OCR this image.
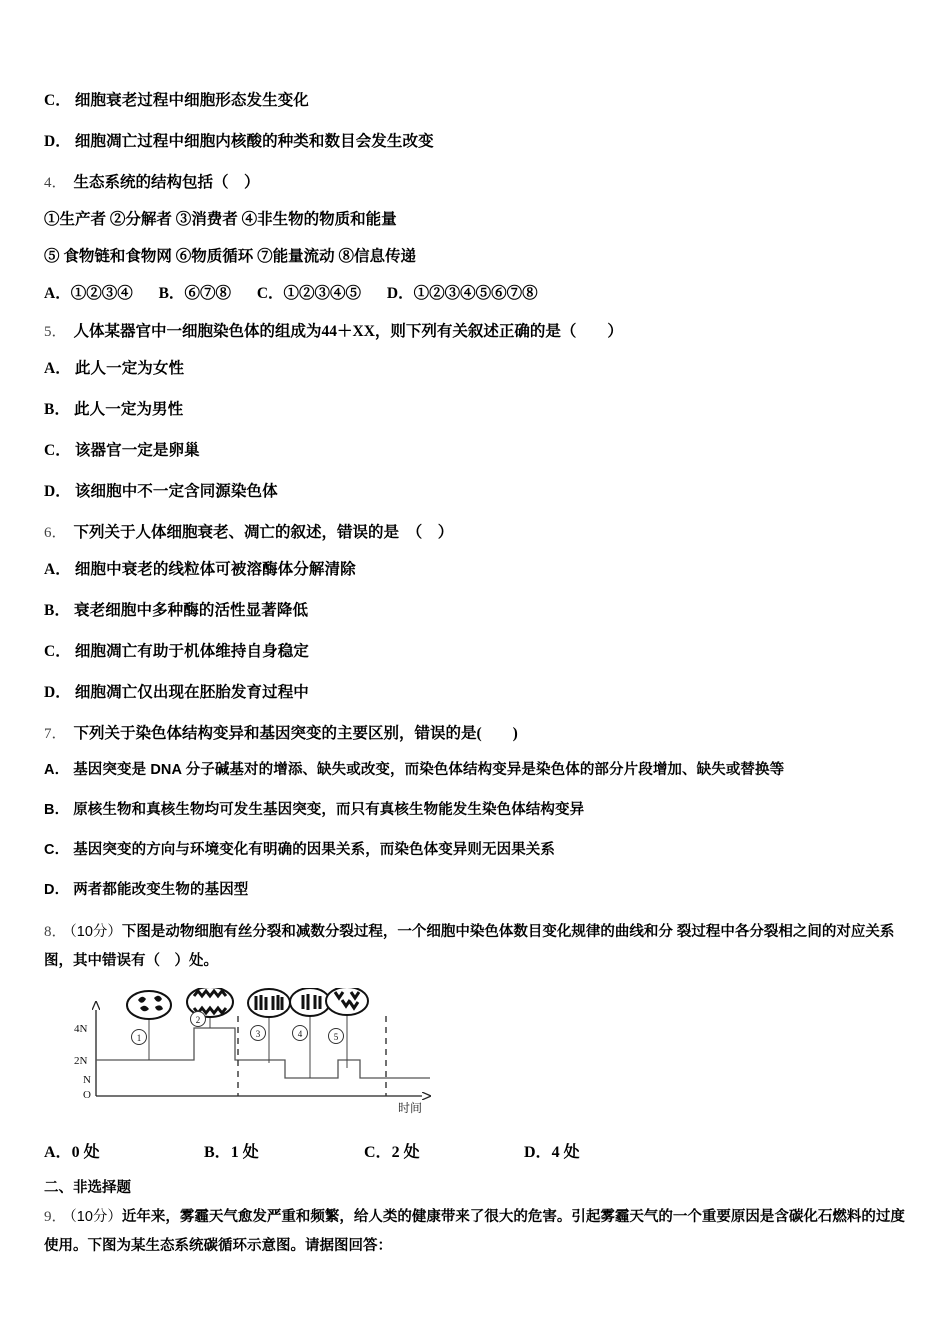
C． 细胞衰老过程中细胞形态发生变化
D． 细胞凋亡过程中细胞内核酸的种类和数目会发生改变
4． 生态系统的结构包括（　）
①生产者 ②分解者 ③消费者 ④非生物的物质和能量
⑤ 食物链和食物网 ⑥物质循环 ⑦能量流动 ⑧信息传递
A．①②③④ B．⑥⑦⑧ C．①②③④⑤ D．①②③④⑤⑥⑦⑧
5． 人体某器官中一细胞染色体的组成为44＋XX，则下列有关叙述正确的是（　　）
A． 此人一定为女性
B． 此人一定为男性
C． 该器官一定是卵巢
D． 该细胞中不一定含同源染色体
6． 下列关于人体细胞衰老、凋亡的叙述，错误的是　（　）
A． 细胞中衰老的线粒体可被溶酶体分解清除
B． 衰老细胞中多种酶的活性显著降低
C． 细胞凋亡有助于机体维持自身稳定
D． 细胞凋亡仅出现在胚胎发育过程中
7． 下列关于染色体结构变异和基因突变的主要区别，错误的是(　　)
A． 基因突变是 DNA 分子碱基对的增添、缺失或改变，而染色体结构变异是染色体的部分片段增加、缺失或替换等
B． 原核生物和真核生物均可发生基因突变，而只有真核生物能发生染色体结构变异
C． 基因突变的方向与环境变化有明确的因果关系，而染色体变异则无因果关系
D． 两者都能改变生物的基因型
8． （10分）下图是动物细胞有丝分裂和减数分裂过程，一个细胞中染色体数目变化规律的曲线和分 裂过程中各分裂相之间的对应关系图，其中错误有（　）处。
4N
2N
N
O
1
2
3	4	5
时间
A．0 处	B．1 处	C．2 处	D．4 处
二、非选择题
9． （10分）近年来，雾霾天气愈发严重和频繁，给人类的健康带来了很大的危害。引起雾霾天气的一个重要原因是含碳化石燃料的过度使用。下图为某生态系统碳循环示意图。请据图回答：
